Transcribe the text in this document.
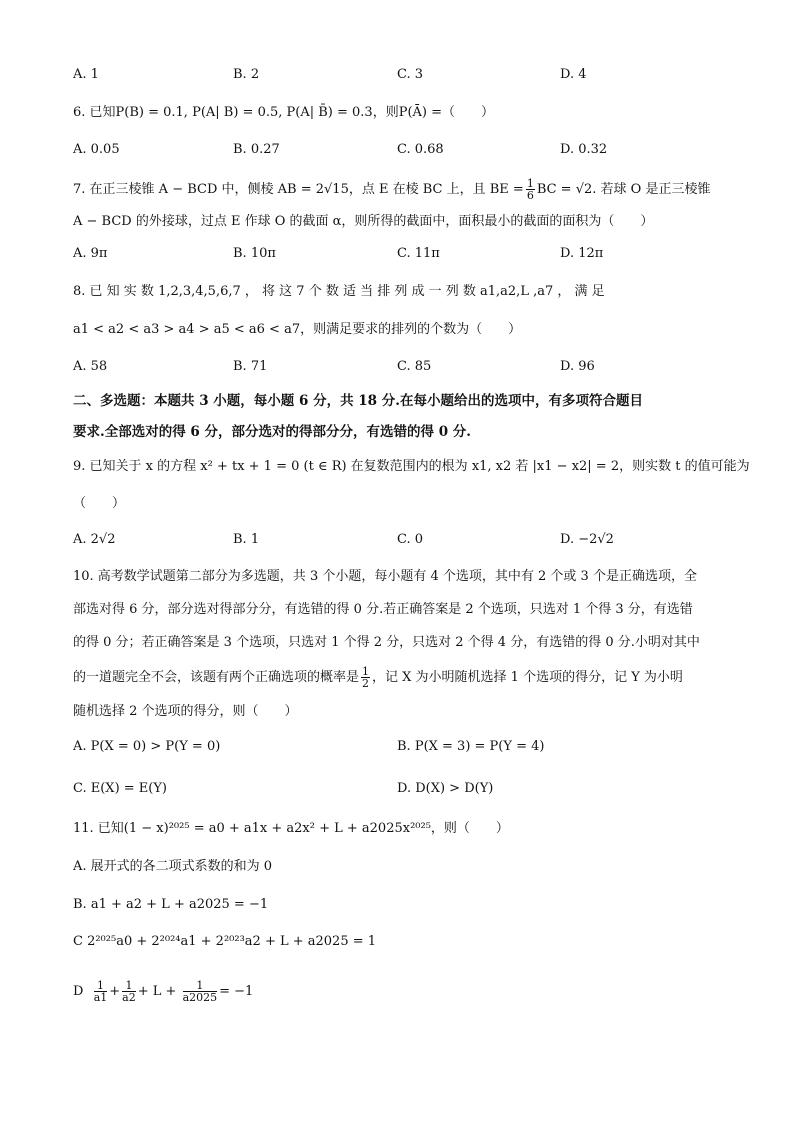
A. 1	B. 2	C. 3	D. 4
6. 已知P(B) = 0.1, P(A| B) = 0.5, P(A| B̄) = 0.3，则P(Ā) =（　　）
A. 0.05	B. 0.27	C. 0.68	D. 0.32
7. 在正三棱锥 A − BCD 中，侧棱 AB = 2√15，点 E 在棱 BC 上，且 BE = $\frac{1}{6}$ BC = √2. 若球 O 是正三棱锥
A − BCD 的外接球，过点 E 作球 O 的截面 α，则所得的截面中，面积最小的截面的面积为（　　）
A. 9π	B. 10π	C. 11π	D. 12π
8. 已 知 实 数 1,2,3,4,5,6,7 ， 将 这 7 个 数 适 当 排 列 成 一 列 数 a1,a2,L ,a7 ， 满 足
a1 < a2 < a3 > a4 > a5 < a6 < a7，则满足要求的排列的个数为（　　）
A. 58	B. 71	C. 85	D. 96
二、多选题：本题共 3 小题，每小题 6 分，共 18 分.在每小题给出的选项中，有多项符合题目
要求.全部选对的得 6 分，部分选对的得部分分，有选错的得 0 分.
9. 已知关于 x 的方程 x² + tx + 1 = 0 (t ∈ R) 在复数范围内的根为 x1, x2 若 |x1 − x2| = 2，则实数 t 的值可能为
（　　）
A. 2√2	B. 1	C. 0	D. −2√2
10. 高考数学试题第二部分为多选题，共 3 个小题，每小题有 4 个选项，其中有 2 个或 3 个是正确选项，全
部选对得 6 分，部分选对得部分分，有选错的得 0 分.若正确答案是 2 个选项，只选对 1 个得 3 分，有选错
的得 0 分；若正确答案是 3 个选项，只选对 1 个得 2 分，只选对 2 个得 4 分，有选错的得 0 分.小明对其中
的一道题完全不会，该题有两个正确选项的概率是 $\frac{1}{2}$ ，记 X 为小明随机选择 1 个选项的得分，记 Y 为小明
随机选择 2 个选项的得分，则（　　）
A. P(X = 0) > P(Y = 0)	B. P(X = 3) = P(Y = 4)
C. E(X) = E(Y)	D. D(X) > D(Y)
11. 已知(1 − x)²⁰²⁵ = a0 + a1x + a2x² + L + a2025x²⁰²⁵，则（　　）
A. 展开式的各二项式系数的和为 0
B. a1 + a2 + L + a2025 = −1
C 2²⁰²⁵a0 + 2²⁰²⁴a1 + 2²⁰²³a2 + L + a2025 = 1
D $\frac{1}{a1} + \frac{1}{a2} + L + \frac{1}{a2025} = -1$
